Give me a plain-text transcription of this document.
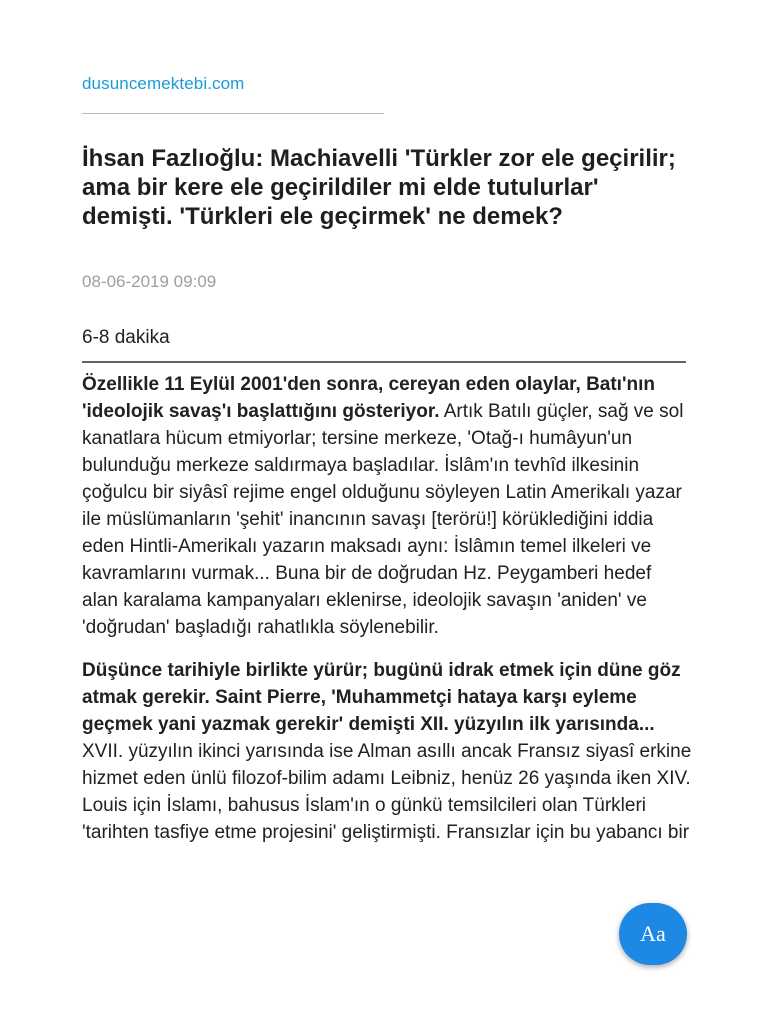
dusuncemektebi.com
İhsan Fazlıoğlu: Machiavelli 'Türkler zor ele geçirilir; ama bir kere ele geçirildiler mi elde tutulurlar' demişti. 'Türkleri ele geçirmek' ne demek?
08-06-2019 09:09
6-8 dakika

Özellikle 11 Eylül 2001'den sonra, cereyan eden olaylar, Batı'nın 'ideolojik savaş'ı başlattığını gösteriyor. Artık Batılı güçler, sağ ve sol kanatlara hücum etmiyorlar; tersine merkeze, 'Otağ-ı humâyun'un bulunduğu merkeze saldırmaya başladılar. İslâm'ın tevhîd ilkesinin çoğulcu bir siyâsî rejime engel olduğunu söyleyen Latin Amerikalı yazar ile müslümanların 'şehit' inancının savaşı [terörü!] körüklediğini iddia eden Hintli-Amerikalı yazarın maksadı aynı: İslâmın temel ilkeleri ve kavramlarını vurmak... Buna bir de doğrudan Hz. Peygamberi hedef alan karalama kampanyaları eklenirse, ideolojik savaşın 'aniden' ve 'doğrudan' başladığı rahatlıkla söylenebilir.

Düşünce tarihiyle birlikte yürür; bugünü idrak etmek için düne göz atmak gerekir. Saint Pierre, 'Muhammetçi hataya karşı eyleme geçmek yani yazmak gerekir' demişti XII. yüzyılın ilk yarısında... XVII. yüzyılın ikinci yarısında ise Alman asıllı ancak Fransız siyasî erkine hizmet eden ünlü filozof-bilim adamı Leibniz, henüz 26 yaşında iken XIV. Louis için İslamı, bahusus İslam'ın o günkü temsilcileri olan Türkleri 'tarihten tasfiye etme projesini' geliştirmişti. Fransızlar için bu yabancı bir

Aa
